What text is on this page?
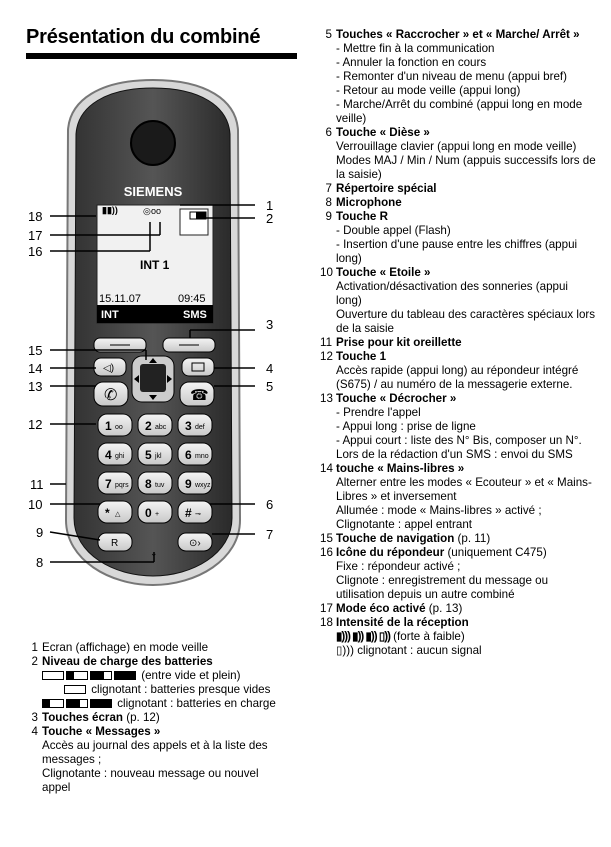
Présentation du combiné
SIEMENS
▮▮))	◎ oo
INT 1
15.11.07	09:45
INT	SMS
◁)
✆	☎
1 oo 2 abc 3 def
4 ghi 5 jkl 6 mno
7 pqrs 8 tuv 9 wxyz
* △ 0 + # ⊸
R	⊙›
⌄
18
17
16
15
14
13
12
11
10
9
8
1
2
3
4
5
6
7
5 Touches « Raccrocher » et « Marche/ Arrêt »
- Mettre fin à la communication
- Annuler la fonction en cours
- Remonter d'un niveau de menu (appui bref)
- Retour au mode veille (appui long)
- Marche/Arrêt du combiné (appui long en mode veille)
6 Touche « Dièse »
Verrouillage clavier (appui long en mode veille)
Modes MAJ / Min / Num (appuis successifs lors de la saisie)
7 Répertoire spécial
8 Microphone
9 Touche R
- Double appel (Flash)
- Insertion d'une pause entre les chiffres (appui long)
10 Touche « Etoile »
Activation/désactivation des sonneries (appui long)
Ouverture du tableau des caractères spéciaux lors de la saisie
11 Prise pour kit oreillette
12 Touche 1
Accès rapide (appui long) au répondeur intégré (S675) / au numéro de la messagerie externe.
13 Touche « Décrocher »
- Prendre l'appel
- Appui long : prise de ligne
- Appui court : liste des N° Bis, composer un N°.
Lors de la rédaction d'un SMS : envoi du SMS
14 touche « Mains-libres »
Alterner entre les modes « Ecouteur » et « Mains-Libres » et inversement
Allumée : mode « Mains-libres » activé ;
Clignotante : appel entrant
15 Touche de navigation (p. 11)
16 Icône du répondeur (uniquement C475)
Fixe : répondeur activé ;
Clignote : enregistrement du message ou utilisation depuis un autre combiné
17 Mode éco activé (p. 13)
18 Intensité de la réception
▮))) ▮)) ▮)) ▯)) (forte à faible)
▯))) clignotant : aucun signal
1 Ecran (affichage) en mode veille
2 Niveau de charge des batteries
(entre vide et plein)
clignotant : batteries presque vides
clignotant : batteries en charge
3 Touches écran (p. 12)
4 Touche « Messages »
Accès au journal des appels et à la liste des messages ;
Clignotante : nouveau message ou nouvel appel
